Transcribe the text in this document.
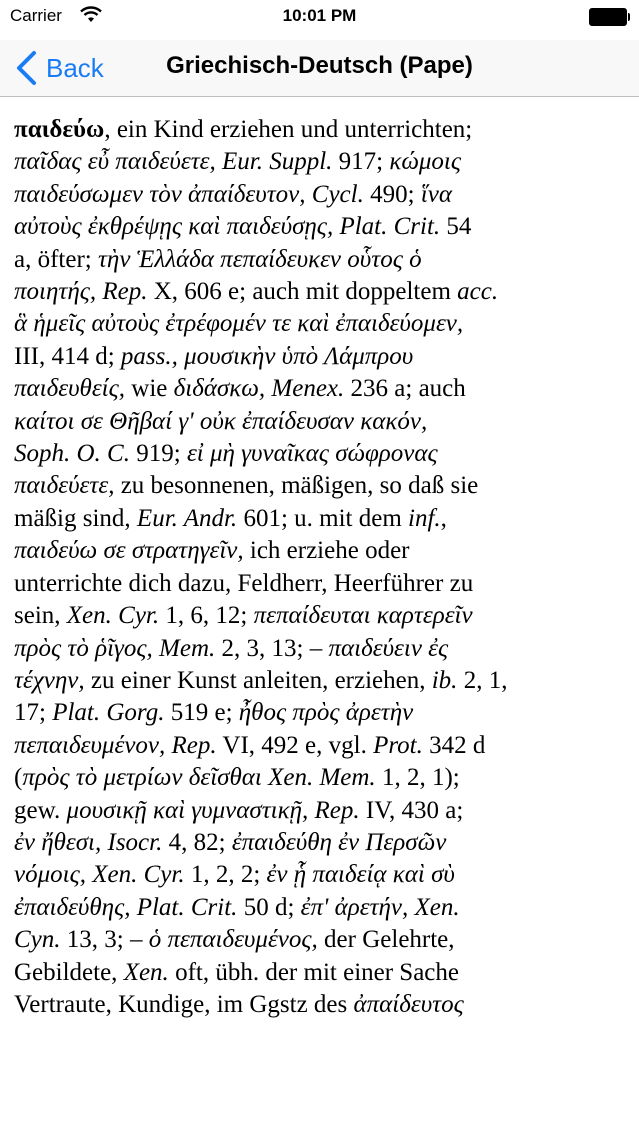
Carrier	10:01 PM
Back	Griechisch-Deutsch (Pape)
παιδεύω, ein Kind erziehen und unterrichten;
παῖδας εὖ παιδεύετε, Eur. Suppl. 917; κώμοις
παιδεύσωμεν τὸν ἀπαίδευτον, Cycl. 490; ἵνα
αὐτοὺς ἐκθρέψῃς καὶ παιδεύσῃς, Plat. Crit. 54
a, öfter; τὴν Ἑλλάδα πεπαίδευκεν οὗτος ὁ
ποιητής, Rep. X, 606 e; auch mit doppeltem acc.
ἃ ἡμεῖς αὐτοὺς ἐτρέφομέν τε καὶ ἐπαιδεύομεν,
III, 414 d; pass., μουσικὴν ὑπὸ Λάμπρου
παιδευθείς, wie διδάσκω, Menex. 236 a; auch
καίτοι σε Θῆβαί γ' οὐκ ἐπαίδευσαν κακόν,
Soph. O. C. 919; εἰ μὴ γυναῖκας σώφρονας
παιδεύετε, zu besonnenen, mäßigen, so daß sie
mäßig sind, Eur. Andr. 601; u. mit dem inf.,
παιδεύω σε στρατηγεῖν, ich erziehe oder
unterrichte dich dazu, Feldherr, Heerführer zu
sein, Xen. Cyr. 1, 6, 12; πεπαίδευται καρτερεῖν
πρὸς τὸ ῥῖγος, Mem. 2, 3, 13; – παιδεύειν ἐς
τέχνην, zu einer Kunst anleiten, erziehen, ib. 2, 1,
17; Plat. Gorg. 519 e; ἦθος πρὸς ἀρετὴν
πεπαιδευμένον, Rep. VI, 492 e, vgl. Prot. 342 d
(πρὸς τὸ μετρίων δεῖσθαι Xen. Mem. 1, 2, 1);
gew. μουσικῇ καὶ γυμναστικῇ, Rep. IV, 430 a;
ἐν ἤθεσι, Isocr. 4, 82; ἐπαιδεύθη ἐν Περσῶν
νόμοις, Xen. Cyr. 1, 2, 2; ἐν ᾗ παιδείᾳ καὶ σὺ
ἐπαιδεύθης, Plat. Crit. 50 d; ἐπ' ἀρετήν, Xen.
Cyn. 13, 3; – ὁ πεπαιδευμένος, der Gelehrte,
Gebildete, Xen. oft, übh. der mit einer Sache
Vertraute, Kundige, im Ggstz des ἀπαίδευτος
